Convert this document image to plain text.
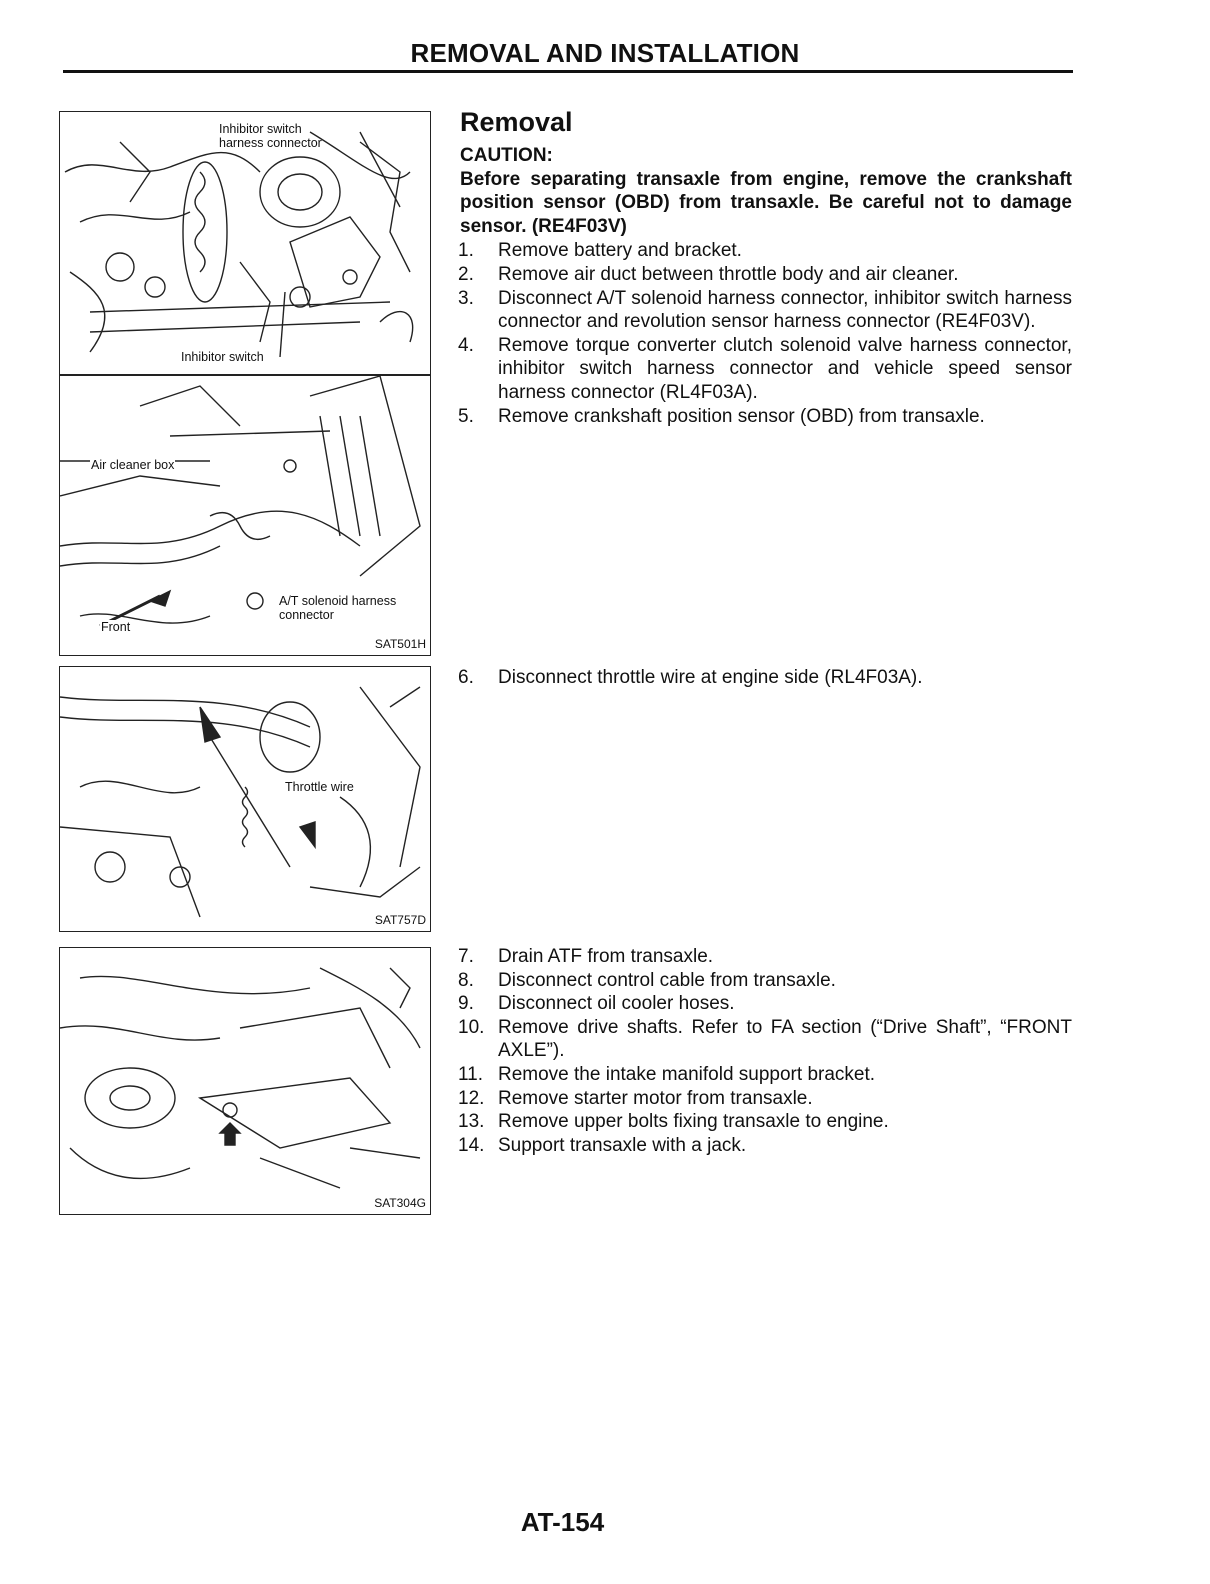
REMOVAL AND INSTALLATION
Inhibitor switch harness connector
Inhibitor switch
Air cleaner box
A/T solenoid harness connector
Front
SAT501H
Throttle wire
SAT757D
SAT304G
Removal

CAUTION:

Before separating transaxle from engine, remove the crankshaft position sensor (OBD) from transaxle. Be careful not to damage sensor. (RE4F03V)

1. Remove battery and bracket.
2. Remove air duct between throttle body and air cleaner.
3. Disconnect A/T solenoid harness connector, inhibitor switch harness connector and revolution sensor harness connector (RE4F03V).
4. Remove torque converter clutch solenoid valve harness connector, inhibitor switch harness connector and vehicle speed sensor harness connector (RL4F03A).
5. Remove crankshaft position sensor (OBD) from transaxle.
6. Disconnect throttle wire at engine side (RL4F03A).
7. Drain ATF from transaxle.
8. Disconnect control cable from transaxle.
9. Disconnect oil cooler hoses.
10. Remove drive shafts. Refer to FA section (“Drive Shaft”, “FRONT AXLE”).
11. Remove the intake manifold support bracket.
12. Remove starter motor from transaxle.
13. Remove upper bolts fixing transaxle to engine.
14. Support transaxle with a jack.
AT-154
